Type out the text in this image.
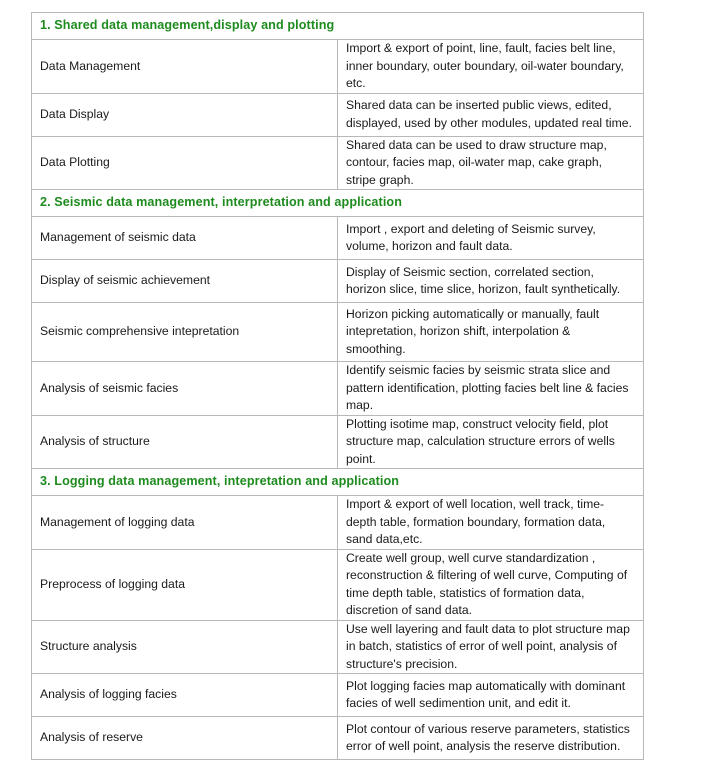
1. Shared data management,display and plotting	
Data Management	Import & export of point, line, fault, facies belt line, inner boundary, outer boundary, oil-water boundary, etc.
Data Display	Shared data can be inserted public views, edited, displayed, used by other modules, updated real time.
Data Plotting	Shared data can be used to draw structure map, contour, facies map, oil-water map, cake graph, stripe graph.
2. Seismic data management, interpretation and application	
Management of seismic data	Import , export and deleting of Seismic survey, volume, horizon and fault data.
Display of seismic achievement	Display of Seismic section, correlated section, horizon slice, time slice, horizon, fault synthetically.
Seismic comprehensive intepretation	Horizon picking automatically or manually, fault intepretation, horizon shift, interpolation & smoothing.
Analysis of seismic facies	Identify seismic facies by seismic strata slice and pattern identification, plotting facies belt line & facies map.
Analysis of structure	Plotting isotime map, construct velocity field, plot structure map, calculation structure errors of wells point.
3. Logging data management, intepretation and application	
Management of logging data	Import & export of well location, well track, time-depth table, formation boundary, formation data, sand data,etc.
Preprocess of logging data	Create well group, well curve standardization , reconstruction & filtering of well curve, Computing of time depth table, statistics of formation data, discretion of sand data.
Structure analysis	Use well layering and fault data to plot structure map in batch, statistics of error of well point, analysis of structure's precision.
Analysis of logging facies	Plot logging facies map automatically with dominant facies of well sedimention unit, and edit it.
Analysis of reserve	Plot contour of various reserve parameters, statistics error of well point, analysis the reserve distribution.
